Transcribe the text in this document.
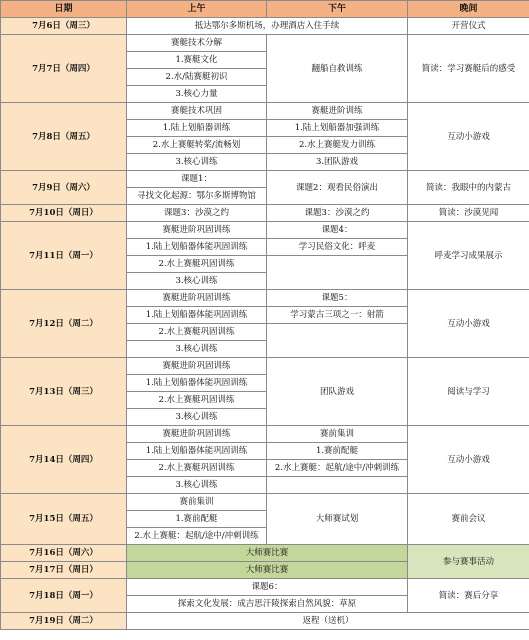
日期	上午	下午	晚间
7月6日（周三）	抵达鄂尔多斯机场，办理酒店入住手续		开营仪式
7月7日（周四）	赛艇技术分解	翻船自救训练	简读：学习赛艇后的感受
	1.赛艇文化		
	2.水/陆赛艇初识		
	3.核心力量		
7月8日（周五）	赛艇技术巩固	赛艇进阶训练	互动小游戏
	1.陆上划船器训练	1.陆上划船器加强训练	
	2.水上赛艇转桨/流畅划	2.水上赛艇发力训练	
	3.核心训练	3.团队游戏	
7月9日（周六）	课题1：	课题2：观看民俗演出	简读：我眼中的内蒙古
	寻找文化起源：鄂尔多斯博物馆		
7月10日（周日）	课题3：沙漠之约	课题3：沙漠之约	简读：沙漠见闻
7月11日（周一）	赛艇进阶巩固训练	课题4：	呼麦学习成果展示
	1.陆上划船器体能巩固训练	学习民俗文化：呼麦	
	2.水上赛艇巩固训练		
	3.核心训练		
7月12日（周二）	赛艇进阶巩固训练	课题5：	互动小游戏
	1.陆上划船器体能巩固训练	学习蒙古三项之一：射箭	
	2.水上赛艇巩固训练		
	3.核心训练		
7月13日（周三）	赛艇进阶巩固训练	团队游戏	阅读与学习
	1.陆上划船器体能巩固训练		
	2.水上赛艇巩固训练		
	3.核心训练		
7月14日（周四）	赛艇进阶巩固训练	赛前集训	互动小游戏
	1.陆上划船器体能巩固训练	1.赛前配艇	
	2.水上赛艇巩固训练	2.水上赛艇：起航/途中/冲刺训练	
	3.核心训练		
7月15日（周五）	赛前集训	大师赛试划	赛前会议
	1.赛前配艇		
	2.水上赛艇：起航/途中/冲刺训练		
7月16日（周六）	大师赛比赛		参与赛事活动
7月17日（周日）	大师赛比赛		
7月18日（周一）	课题6：		简读：赛后分享
	探索文化发展：成吉思汗陵探索自然风貌：草原		
7月19日（周二）	返程（送机）		
